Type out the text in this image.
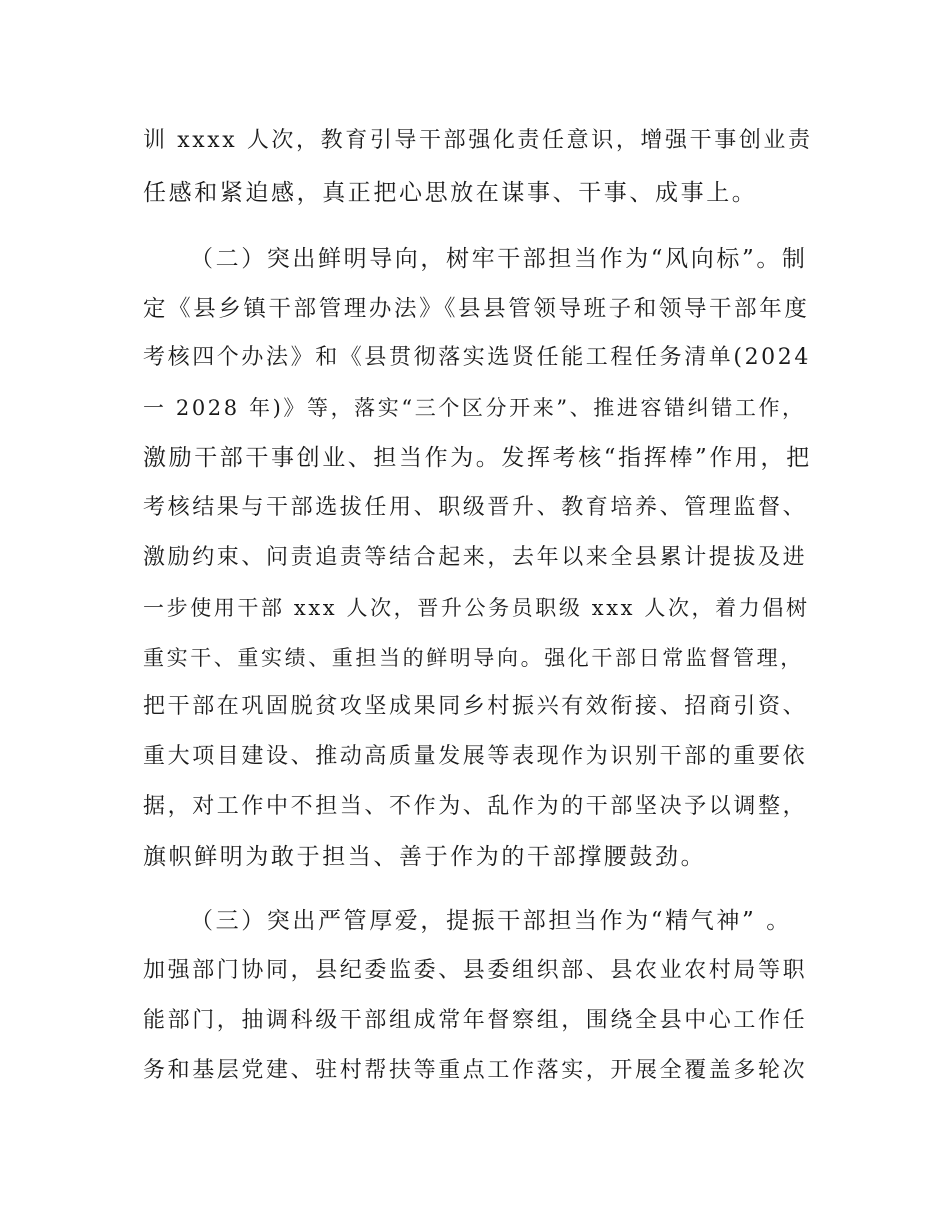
训 xxxx 人次，教育引导干部强化责任意识，增强干事创业责
任感和紧迫感，真正把心思放在谋事、干事、成事上。
（二）突出鲜明导向，树牢干部担当作为“风向标”。制
定《县乡镇干部管理办法》《县县管领导班子和领导干部年度
考核四个办法》和《县贯彻落实选贤任能工程任务清单(2024
一 2028 年)》等，落实“三个区分开来”、推进容错纠错工作，
激励干部干事创业、担当作为。发挥考核“指挥棒”作用，把
考核结果与干部选拔任用、职级晋升、教育培养、管理监督、
激励约束、问责追责等结合起来，去年以来全县累计提拔及进
一步使用干部 xxx 人次，晋升公务员职级 xxx 人次，着力倡树
重实干、重实绩、重担当的鲜明导向。强化干部日常监督管理，
把干部在巩固脱贫攻坚成果同乡村振兴有效衔接、招商引资、
重大项目建设、推动高质量发展等表现作为识别干部的重要依
据，对工作中不担当、不作为、乱作为的干部坚决予以调整，
旗帜鲜明为敢于担当、善于作为的干部撑腰鼓劲。
（三）突出严管厚爱，提振干部担当作为“精气神” 。
加强部门协同，县纪委监委、县委组织部、县农业农村局等职
能部门，抽调科级干部组成常年督察组，围绕全县中心工作任
务和基层党建、驻村帮扶等重点工作落实，开展全覆盖多轮次
